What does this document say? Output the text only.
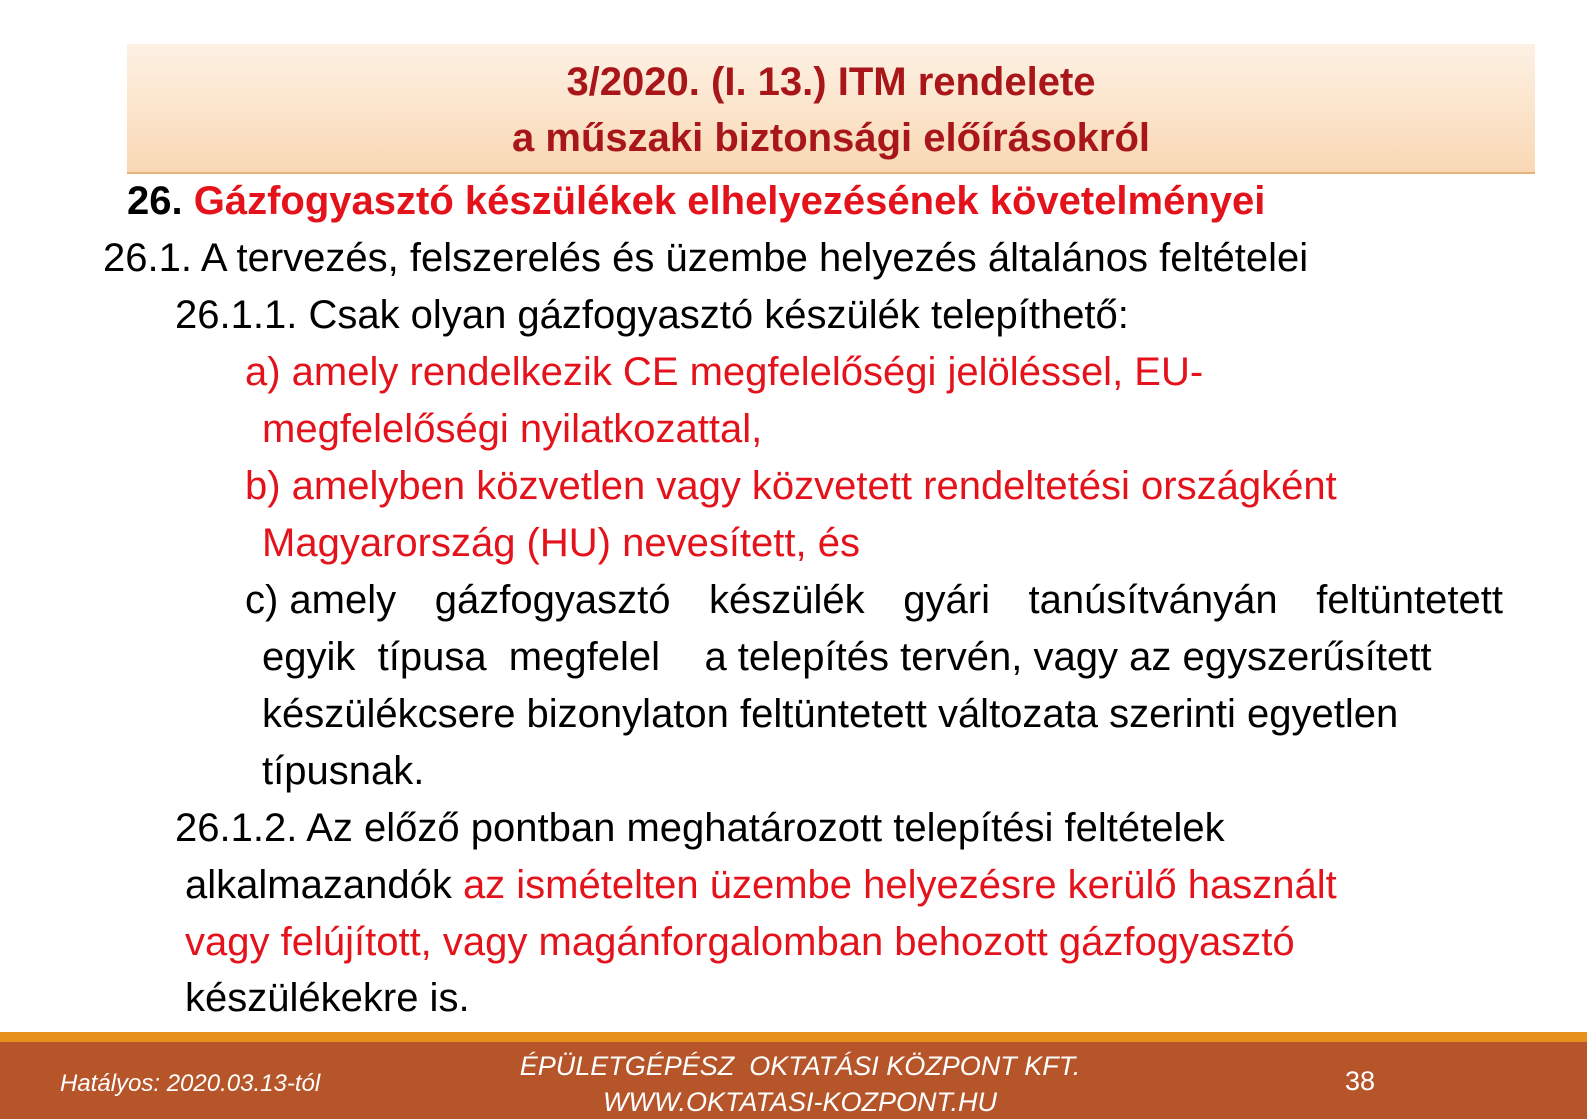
3/2020. (I. 13.) ITM rendelete
a műszaki biztonsági előírásokról
26. Gázfogyasztó készülékek elhelyezésének követelményei
26.1. A tervezés, felszerelés és üzembe helyezés általános feltételei
26.1.1. Csak olyan gázfogyasztó készülék telepíthető:
a) amely rendelkezik CE megfelelőségi jelöléssel, EU-
megfelelőségi nyilatkozattal,
b) amelyben közvetlen vagy közvetett rendeltetési országként
Magyarország (HU) nevesített, és
c) amely gázfogyasztó készülék gyári tanúsítványán feltüntetett
egyik  típusa  megfelel    a telepítés tervén, vagy az egyszerűsített
készülékcsere bizonylaton feltüntetett változata szerinti egyetlen
típusnak.
26.1.2. Az előző pontban meghatározott telepítési feltételek
alkalmazandók az ismételten üzembe helyezésre kerülő használt
vagy felújított, vagy magánforgalomban behozott gázfogyasztó
készülékekre is.
Hatályos: 2020.03.13-tól
ÉPÜLETGÉPÉSZ  OKTATÁSI KÖZPONT KFT.
WWW.OKTATASI-KOZPONT.HU
38
